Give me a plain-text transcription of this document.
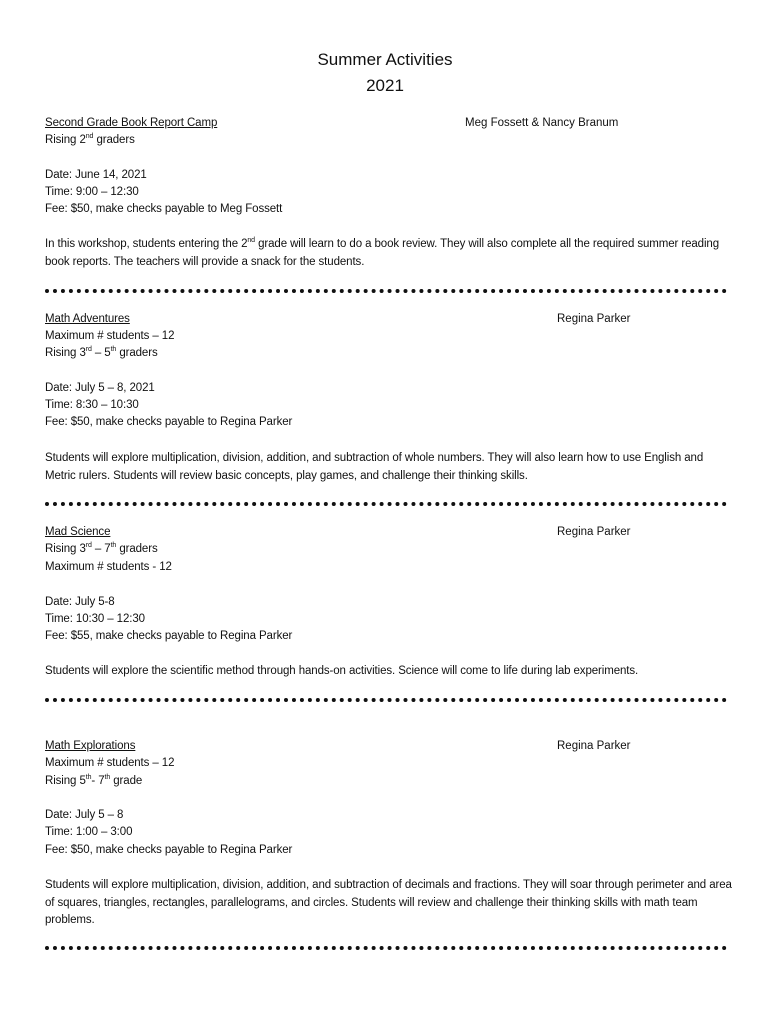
Summer Activities
2021
Second Grade Book Report Camp	Meg Fossett & Nancy Branum
Rising 2nd graders
Date: June 14, 2021
Time: 9:00 – 12:30
Fee: $50, make checks payable to Meg Fossett
In this workshop, students entering the 2nd grade will learn to do a book review. They will also complete all the required summer reading book reports. The teachers will provide a snack for the students.
Math Adventures	Regina Parker
Maximum # students – 12
Rising 3rd – 5th graders
Date: July 5 – 8, 2021
Time: 8:30 – 10:30
Fee: $50, make checks payable to Regina Parker
Students will explore multiplication, division, addition, and subtraction of whole numbers. They will also learn how to use English and Metric rulers. Students will review basic concepts, play games, and challenge their thinking skills.
Mad Science	Regina Parker
Rising 3rd – 7th graders
Maximum # students - 12
Date: July 5-8
Time: 10:30 – 12:30
Fee: $55, make checks payable to Regina Parker
Students will explore the scientific method through hands-on activities. Science will come to life during lab experiments.
Math Explorations	Regina Parker
Maximum # students – 12
Rising 5th- 7th grade
Date: July 5 – 8
Time: 1:00 – 3:00
Fee: $50, make checks payable to Regina Parker
Students will explore multiplication, division, addition, and subtraction of decimals and fractions. They will soar through perimeter and area of squares, triangles, rectangles, parallelograms, and circles. Students will review and challenge their thinking skills with math team problems.
